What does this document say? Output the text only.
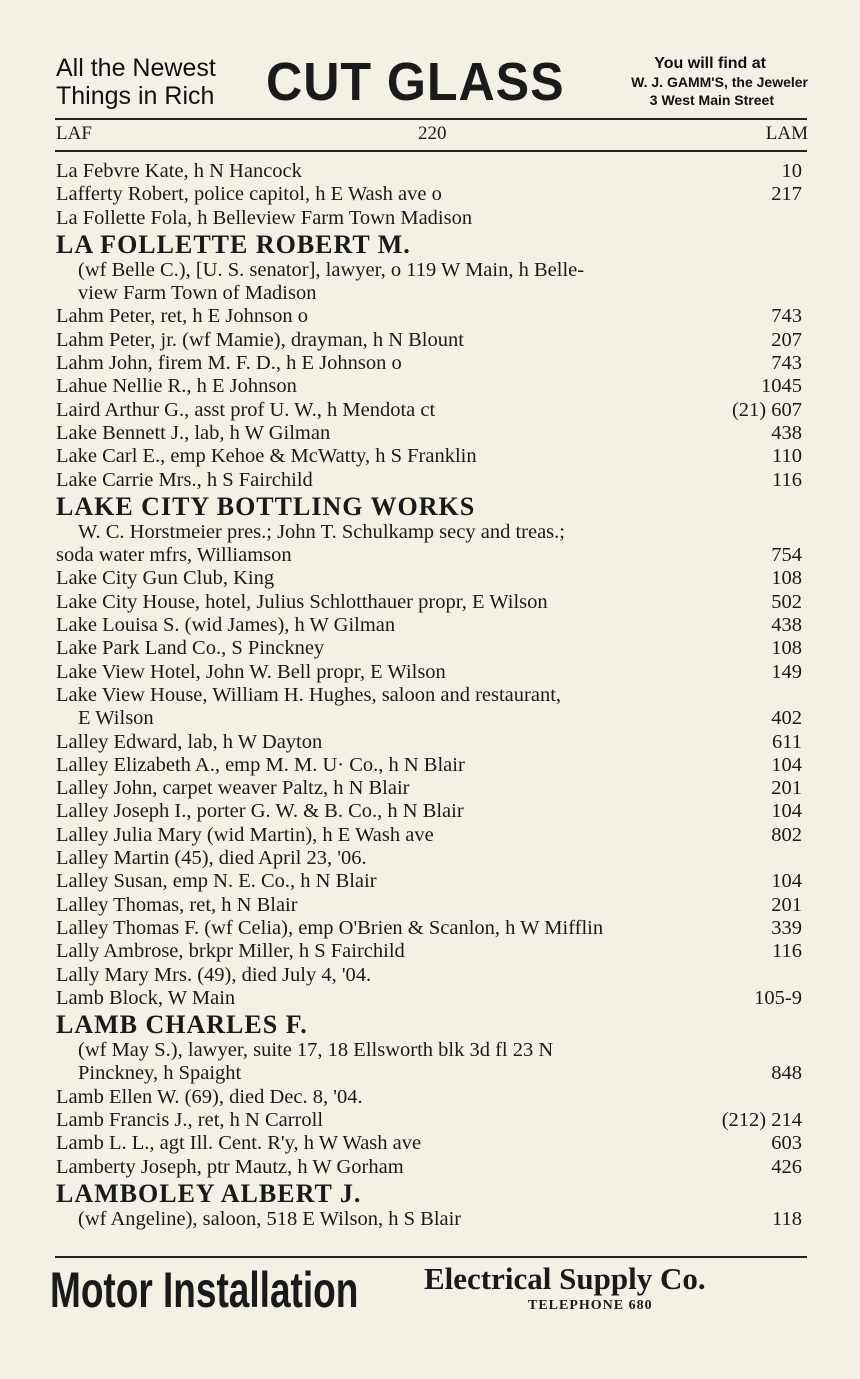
All the Newest
Things in Rich CUT GLASS	You will find at
W. J. GAMM'S, the Jeweler
3 West Main Street
LAF	220	LAM
La Febvre Kate, h N Hancock	10
Lafferty Robert, police capitol, h E Wash ave o	217
La Follette Fola, h Belleview Farm Town Madison
LA FOLLETTE ROBERT M.
(wf Belle C.), [U. S. senator], lawyer, o 119 W Main, h Belle-
view Farm Town of Madison
Lahm Peter, ret, h E Johnson o	743
Lahm Peter, jr. (wf Mamie), drayman, h N Blount	207
Lahm John, firem M. F. D., h E Johnson o	743
Lahue Nellie R., h E Johnson	1045
Laird Arthur G., asst prof U. W., h Mendota ct	(21) 607
Lake Bennett J., lab, h W Gilman	438
Lake Carl E., emp Kehoe & McWatty, h S Franklin	110
Lake Carrie Mrs., h S Fairchild	116
LAKE CITY BOTTLING WORKS
W. C. Horstmeier pres.; John T. Schulkamp secy and treas.;
soda water mfrs, Williamson	754
Lake City Gun Club, King	108
Lake City House, hotel, Julius Schlotthauer propr, E Wilson	502
Lake Louisa S. (wid James), h W Gilman	438
Lake Park Land Co., S Pinckney	108
Lake View Hotel, John W. Bell propr, E Wilson	149
Lake View House, William H. Hughes, saloon and restaurant,
E Wilson	402
Lalley Edward, lab, h W Dayton	611
Lalley Elizabeth A., emp M. M. U· Co., h N Blair	104
Lalley John, carpet weaver Paltz, h N Blair	201
Lalley Joseph I., porter G. W. & B. Co., h N Blair	104
Lalley Julia Mary (wid Martin), h E Wash ave	802
Lalley Martin (45), died April 23, '06.
Lalley Susan, emp N. E. Co., h N Blair	104
Lalley Thomas, ret, h N Blair	201
Lalley Thomas F. (wf Celia), emp O'Brien & Scanlon, h W Mifflin	339
Lally Ambrose, brkpr Miller, h S Fairchild	116
Lally Mary Mrs. (49), died July 4, '04.
Lamb Block, W Main	105-9
LAMB CHARLES F.
(wf May S.), lawyer, suite 17, 18 Ellsworth blk 3d fl 23 N
Pinckney, h Spaight	848
Lamb Ellen W. (69), died Dec. 8, '04.
Lamb Francis J., ret, h N Carroll	(212) 214
Lamb L. L., agt Ill. Cent. R'y, h W Wash ave	603
Lamberty Joseph, ptr Mautz, h W Gorham	426
LAMBOLEY ALBERT J.
(wf Angeline), saloon, 518 E Wilson, h S Blair	118
Motor Installation Electrical Supply Co.
TELEPHONE 680
